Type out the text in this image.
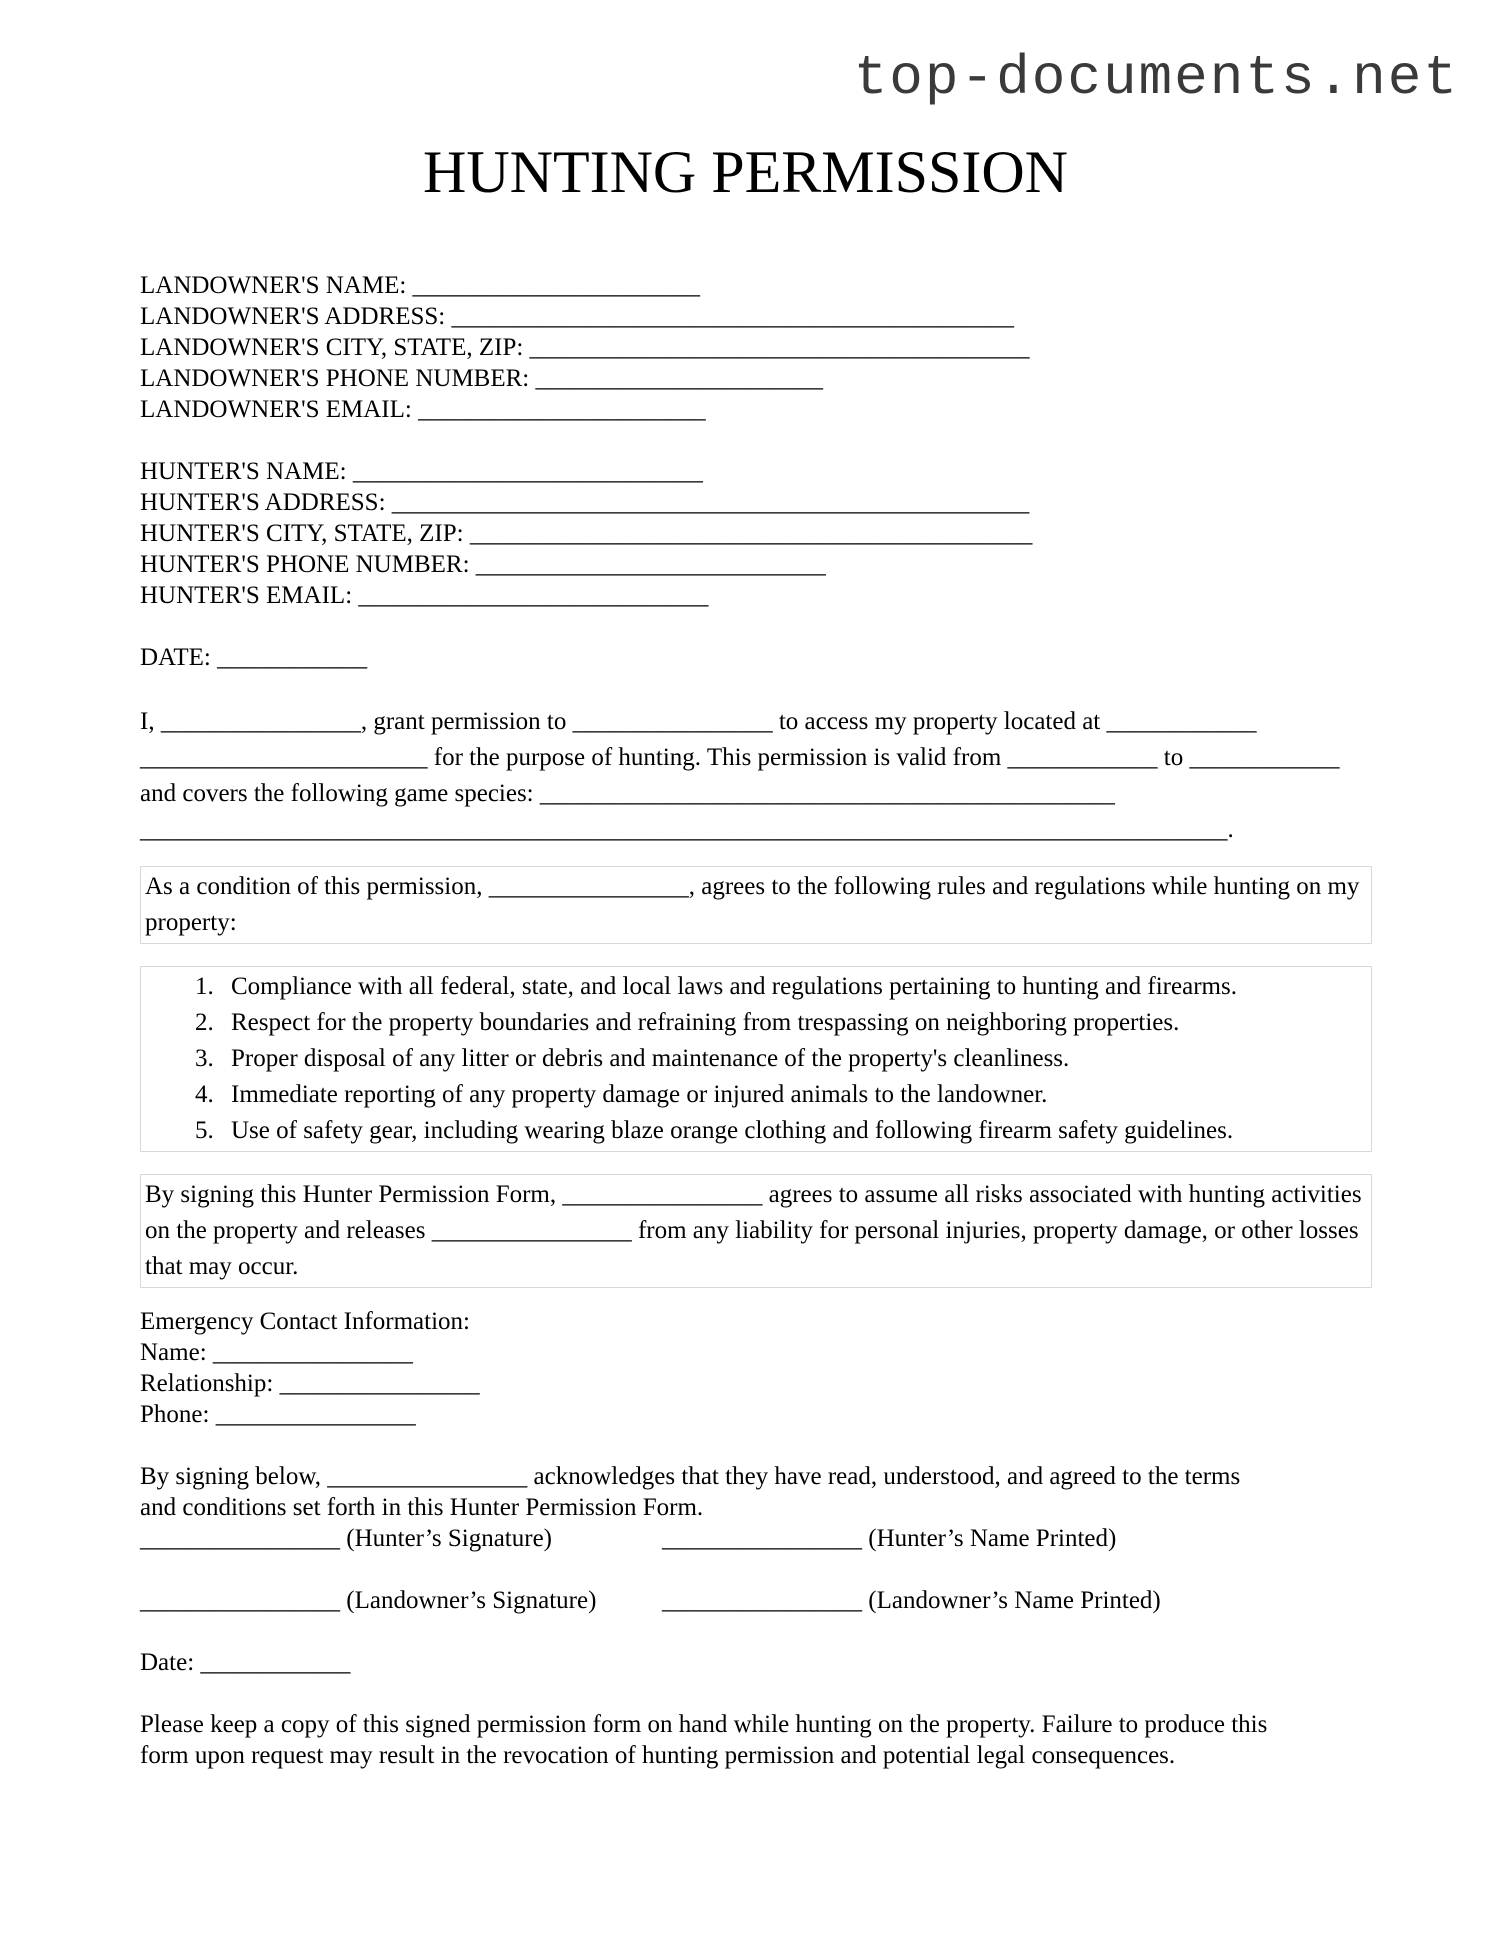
top-documents.net
HUNTING PERMISSION
LANDOWNER'S NAME: _______________________
LANDOWNER'S ADDRESS: _____________________________________________
LANDOWNER'S CITY, STATE, ZIP: ________________________________________
LANDOWNER'S PHONE NUMBER: _______________________
LANDOWNER'S EMAIL: _______________________
HUNTER'S NAME: ____________________________
HUNTER'S ADDRESS: ___________________________________________________
HUNTER'S CITY, STATE, ZIP: _____________________________________________
HUNTER'S PHONE NUMBER: ____________________________
HUNTER'S EMAIL: ____________________________
DATE: ____________

I, ________________, grant permission to ________________ to access my property located at ____________ _______________________ for the purpose of hunting. This permission is valid from ____________ to ____________ and covers the following game species: ______________________________________________ _______________________________________________________________________________________.

As a condition of this permission, ________________, agrees to the following rules and regulations while hunting on my property:
1. Compliance with all federal, state, and local laws and regulations pertaining to hunting and firearms.
2. Respect for the property boundaries and refraining from trespassing on neighboring properties.
3. Proper disposal of any litter or debris and maintenance of the property's cleanliness.
4. Immediate reporting of any property damage or injured animals to the landowner.
5. Use of safety gear, including wearing blaze orange clothing and following firearm safety guidelines.
By signing this Hunter Permission Form, ________________ agrees to assume all risks associated with hunting activities on the property and releases ________________ from any liability for personal injuries, property damage, or other losses that may occur.
Emergency Contact Information:
Name: ________________
Relationship: ________________
Phone: ________________
By signing below, ________________ acknowledges that they have read, understood, and agreed to the terms
and conditions set forth in this Hunter Permission Form.
________________ (Hunter’s Signature)	________________ (Hunter’s Name Printed)
________________ (Landowner’s Signature)	________________ (Landowner’s Name Printed)
Date: ____________
Please keep a copy of this signed permission form on hand while hunting on the property. Failure to produce this
form upon request may result in the revocation of hunting permission and potential legal consequences.
